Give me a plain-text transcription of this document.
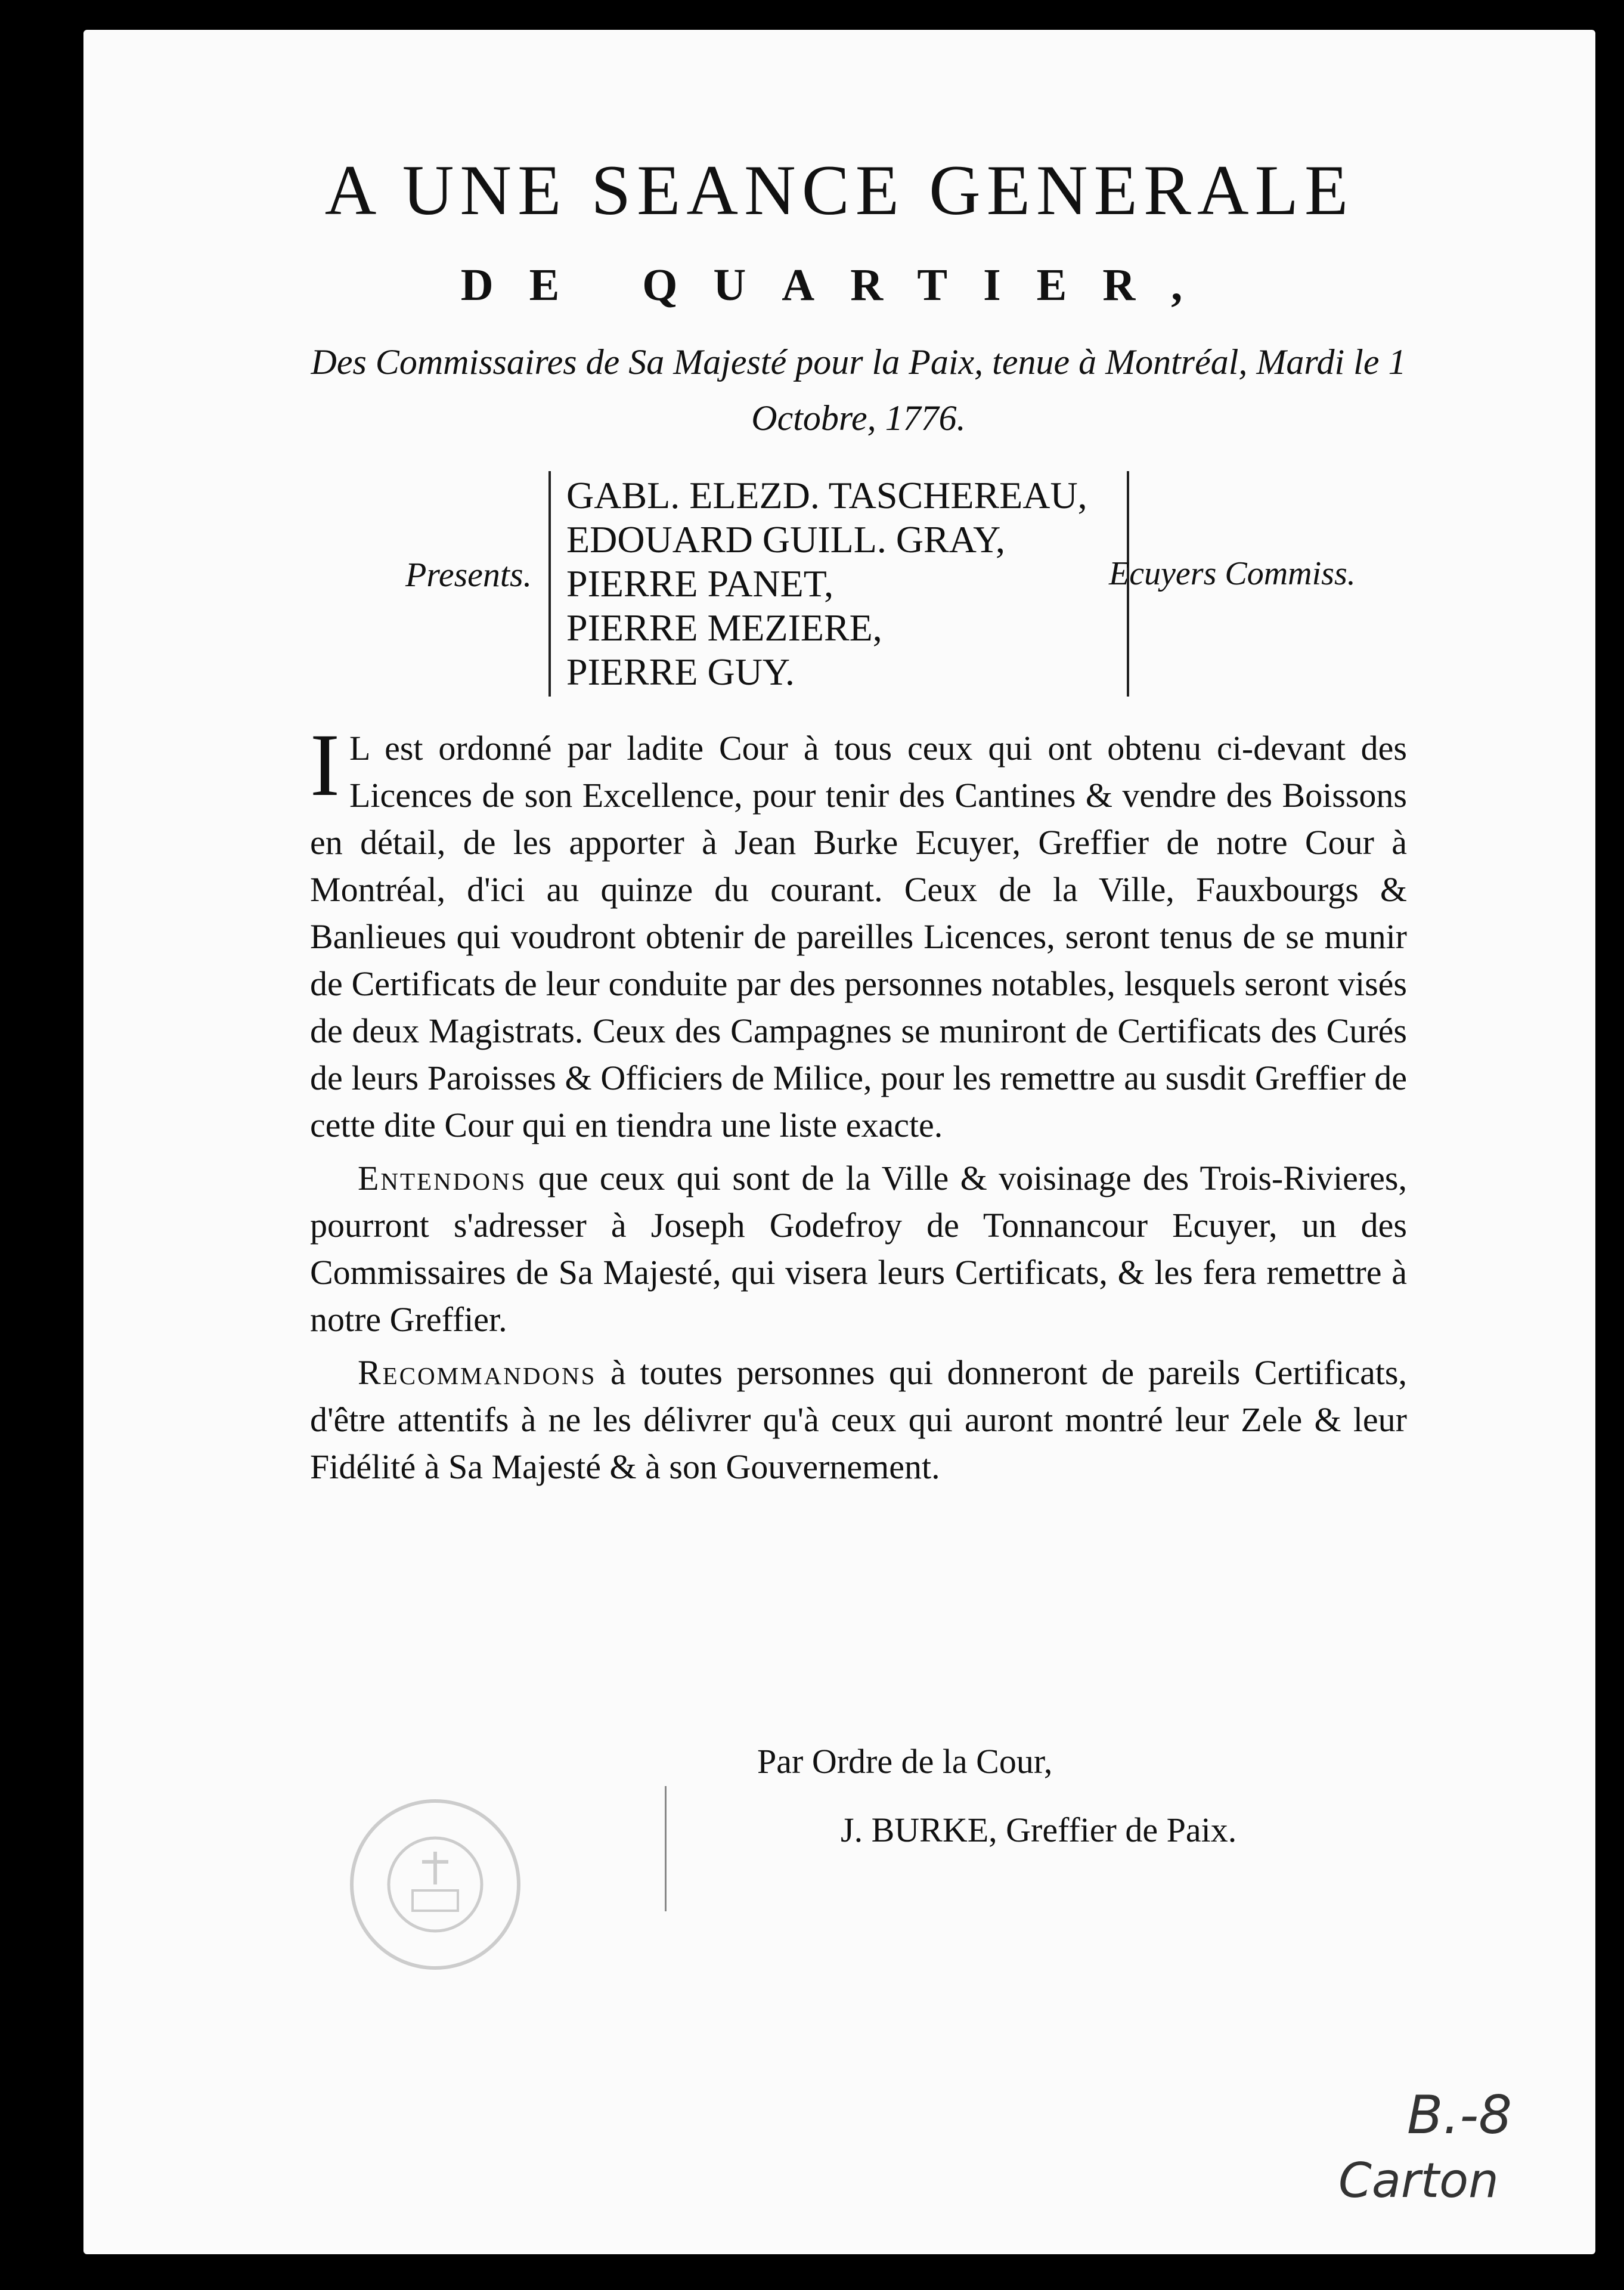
A UNE SEANCE GENERALE
DE QUARTIER,
Des Commissaires de Sa Majesté pour la Paix, tenue à Montréal, Mardi le 1 Octobre, 1776.
Presents.
GABL. ELEZD. TASCHEREAU,
EDOUARD GUILL. GRAY,
PIERRE PANET,
PIERRE MEZIERE,
PIERRE GUY.
Ecuyers Commiss.

I L est ordonné par ladite Cour à tous ceux qui ont obtenu ci-devant des Licences de son Excellence, pour tenir des Cantines & vendre des Boissons en détail, de les apporter à Jean Burke Ecuyer, Greffier de notre Cour à Montréal, d'ici au quinze du courant. Ceux de la Ville, Fauxbourgs & Banlieues qui voudront obtenir de pareilles Licences, seront tenus de se munir de Certificats de leur conduite par des personnes notables, lesquels seront visés de deux Magistrats. Ceux des Campagnes se muniront de Certificats des Curés de leurs Paroisses & Officiers de Milice, pour les remettre au susdit Greffier de cette dite Cour qui en tiendra une liste exacte.

Entendons que ceux qui sont de la Ville & voisinage des Trois-Rivieres, pourront s'adresser à Joseph Godefroy de Tonnancour Ecuyer, un des Commissaires de Sa Majesté, qui visera leurs Certificats, & les fera remettre à notre Greffier.

Recommandons à toutes personnes qui donneront de pareils Certificats, d'être attentifs à ne les délivrer qu'à ceux qui auront montré leur Zele & leur Fidélité à Sa Majesté & à son Gouvernement.

Par Ordre de la Cour,
J. BURKE, Greffier de Paix.
B.-8
Carton
